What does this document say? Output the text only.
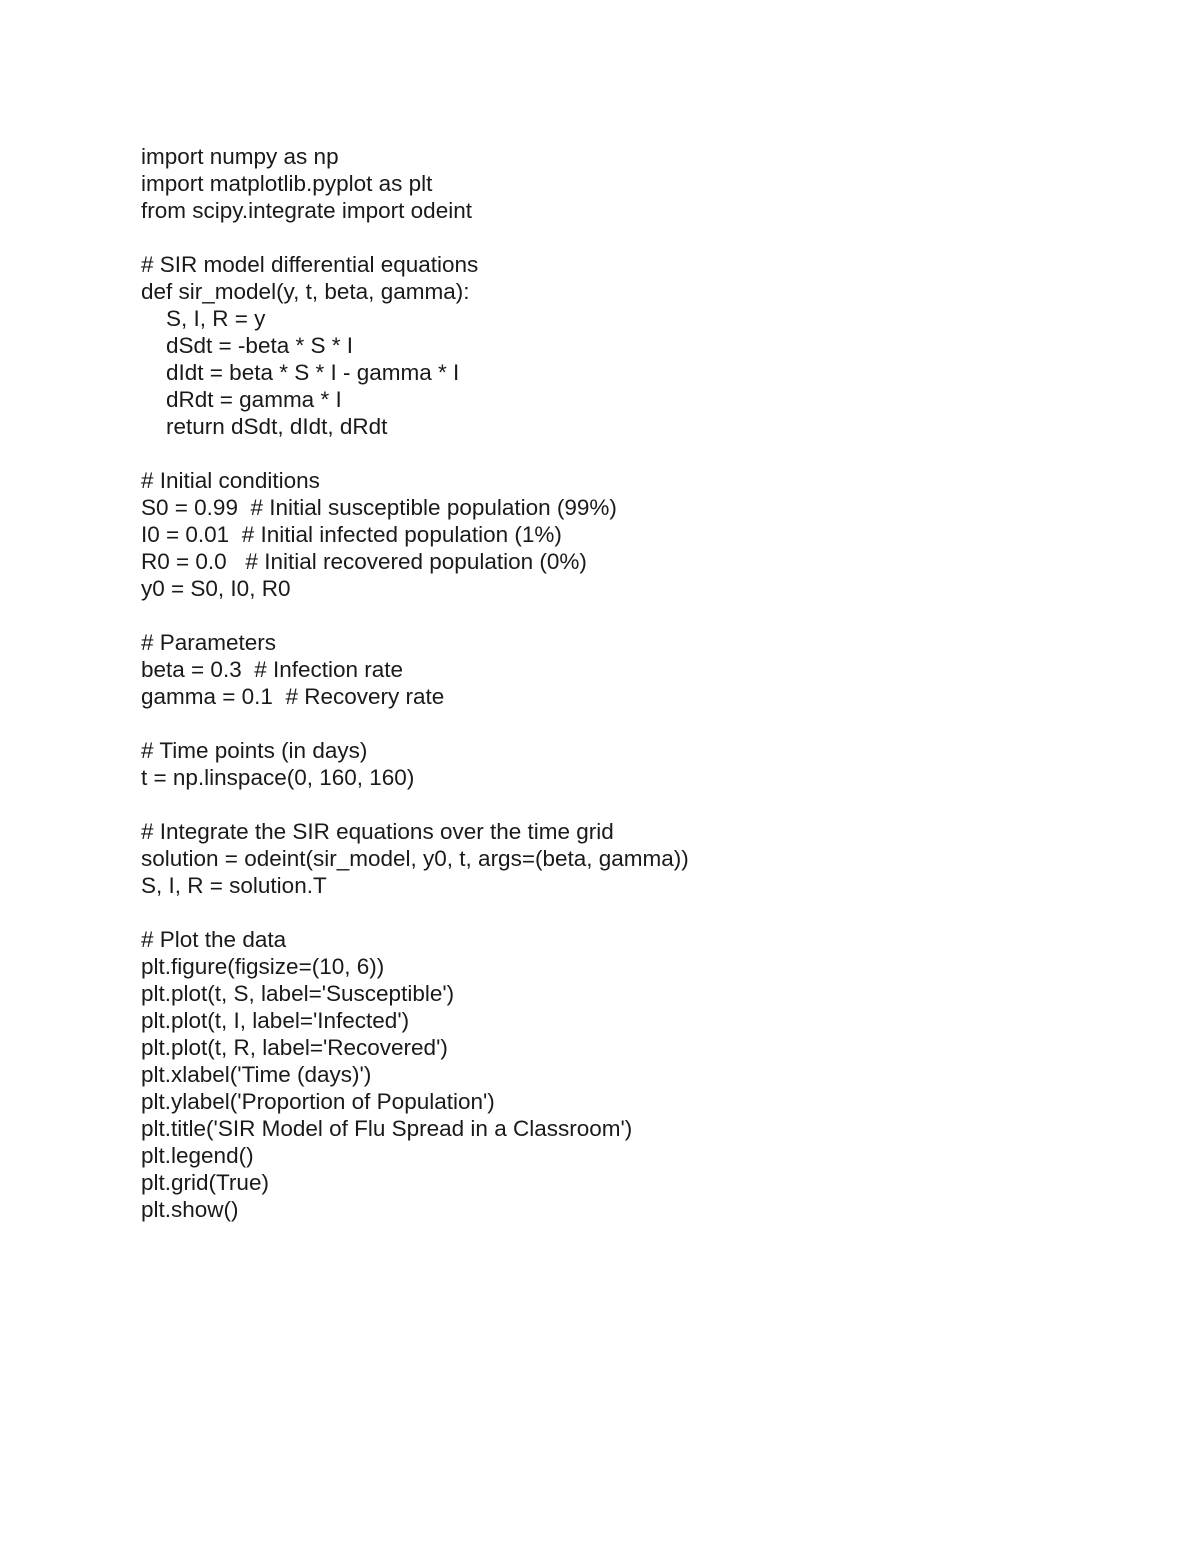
import numpy as np
import matplotlib.pyplot as plt
from scipy.integrate import odeint
# SIR model differential equations
def sir_model(y, t, beta, gamma):
S, I, R = y
dSdt = -beta * S * I
dIdt = beta * S * I - gamma * I
dRdt = gamma * I
return dSdt, dIdt, dRdt
# Initial conditions
S0 = 0.99  # Initial susceptible population (99%)
I0 = 0.01  # Initial infected population (1%)
R0 = 0.0   # Initial recovered population (0%)
y0 = S0, I0, R0
# Parameters
beta = 0.3  # Infection rate
gamma = 0.1  # Recovery rate
# Time points (in days)
t = np.linspace(0, 160, 160)
# Integrate the SIR equations over the time grid
solution = odeint(sir_model, y0, t, args=(beta, gamma))
S, I, R = solution.T
# Plot the data
plt.figure(figsize=(10, 6))
plt.plot(t, S, label='Susceptible')
plt.plot(t, I, label='Infected')
plt.plot(t, R, label='Recovered')
plt.xlabel('Time (days)')
plt.ylabel('Proportion of Population')
plt.title('SIR Model of Flu Spread in a Classroom')
plt.legend()
plt.grid(True)
plt.show()
